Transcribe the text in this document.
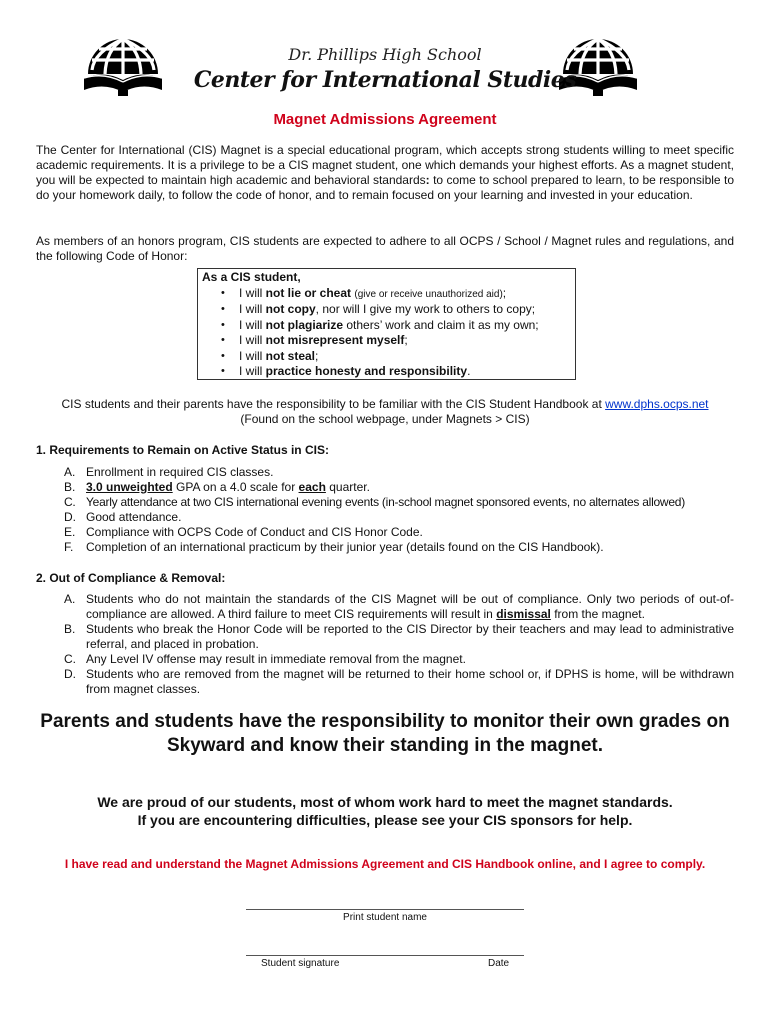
Dr. Phillips High School
Center for International Studies
Magnet Admissions Agreement
The Center for International (CIS) Magnet is a special educational program, which accepts strong students willing to meet specific academic requirements. It is a privilege to be a CIS magnet student, one which demands your highest efforts. As a magnet student, you will be expected to maintain high academic and behavioral standards: to come to school prepared to learn, to be responsible to do your homework daily, to follow the code of honor, and to remain focused on your learning and invested in your education.
As members of an honors program, CIS students are expected to adhere to all OCPS / School / Magnet rules and regulations, and the following Code of Honor:
As a CIS student,
• I will not lie or cheat (give or receive unauthorized aid);
• I will not copy, nor will I give my work to others to copy;
• I will not plagiarize others’ work and claim it as my own;
• I will not misrepresent myself;
• I will not steal;
• I will practice honesty and responsibility.
CIS students and their parents have the responsibility to be familiar with the CIS Student Handbook at www.dphs.ocps.net
(Found on the school webpage, under Magnets > CIS)
1. Requirements to Remain on Active Status in CIS:
A. Enrollment in required CIS classes.
B. 3.0 unweighted GPA on a 4.0 scale for each quarter.
C. Yearly attendance at two CIS international evening events (in-school magnet sponsored events, no alternates allowed)
D. Good attendance.
E. Compliance with OCPS Code of Conduct and CIS Honor Code.
F. Completion of an international practicum by their junior year (details found on the CIS Handbook).
2. Out of Compliance & Removal:
A. Students who do not maintain the standards of the CIS Magnet will be out of compliance. Only two periods of out-of-compliance are allowed. A third failure to meet CIS requirements will result in dismissal from the magnet.
B. Students who break the Honor Code will be reported to the CIS Director by their teachers and may lead to administrative referral, and placed in probation.
C. Any Level IV offense may result in immediate removal from the magnet.
D. Students who are removed from the magnet will be returned to their home school or, if DPHS is home, will be withdrawn from magnet classes.
Parents and students have the responsibility to monitor their own grades on
Skyward and know their standing in the magnet.
We are proud of our students, most of whom work hard to meet the magnet standards.
If you are encountering difficulties, please see your CIS sponsors for help.
I have read and understand the Magnet Admissions Agreement and CIS Handbook online, and I agree to comply.
Print student name
Student signature	Date
